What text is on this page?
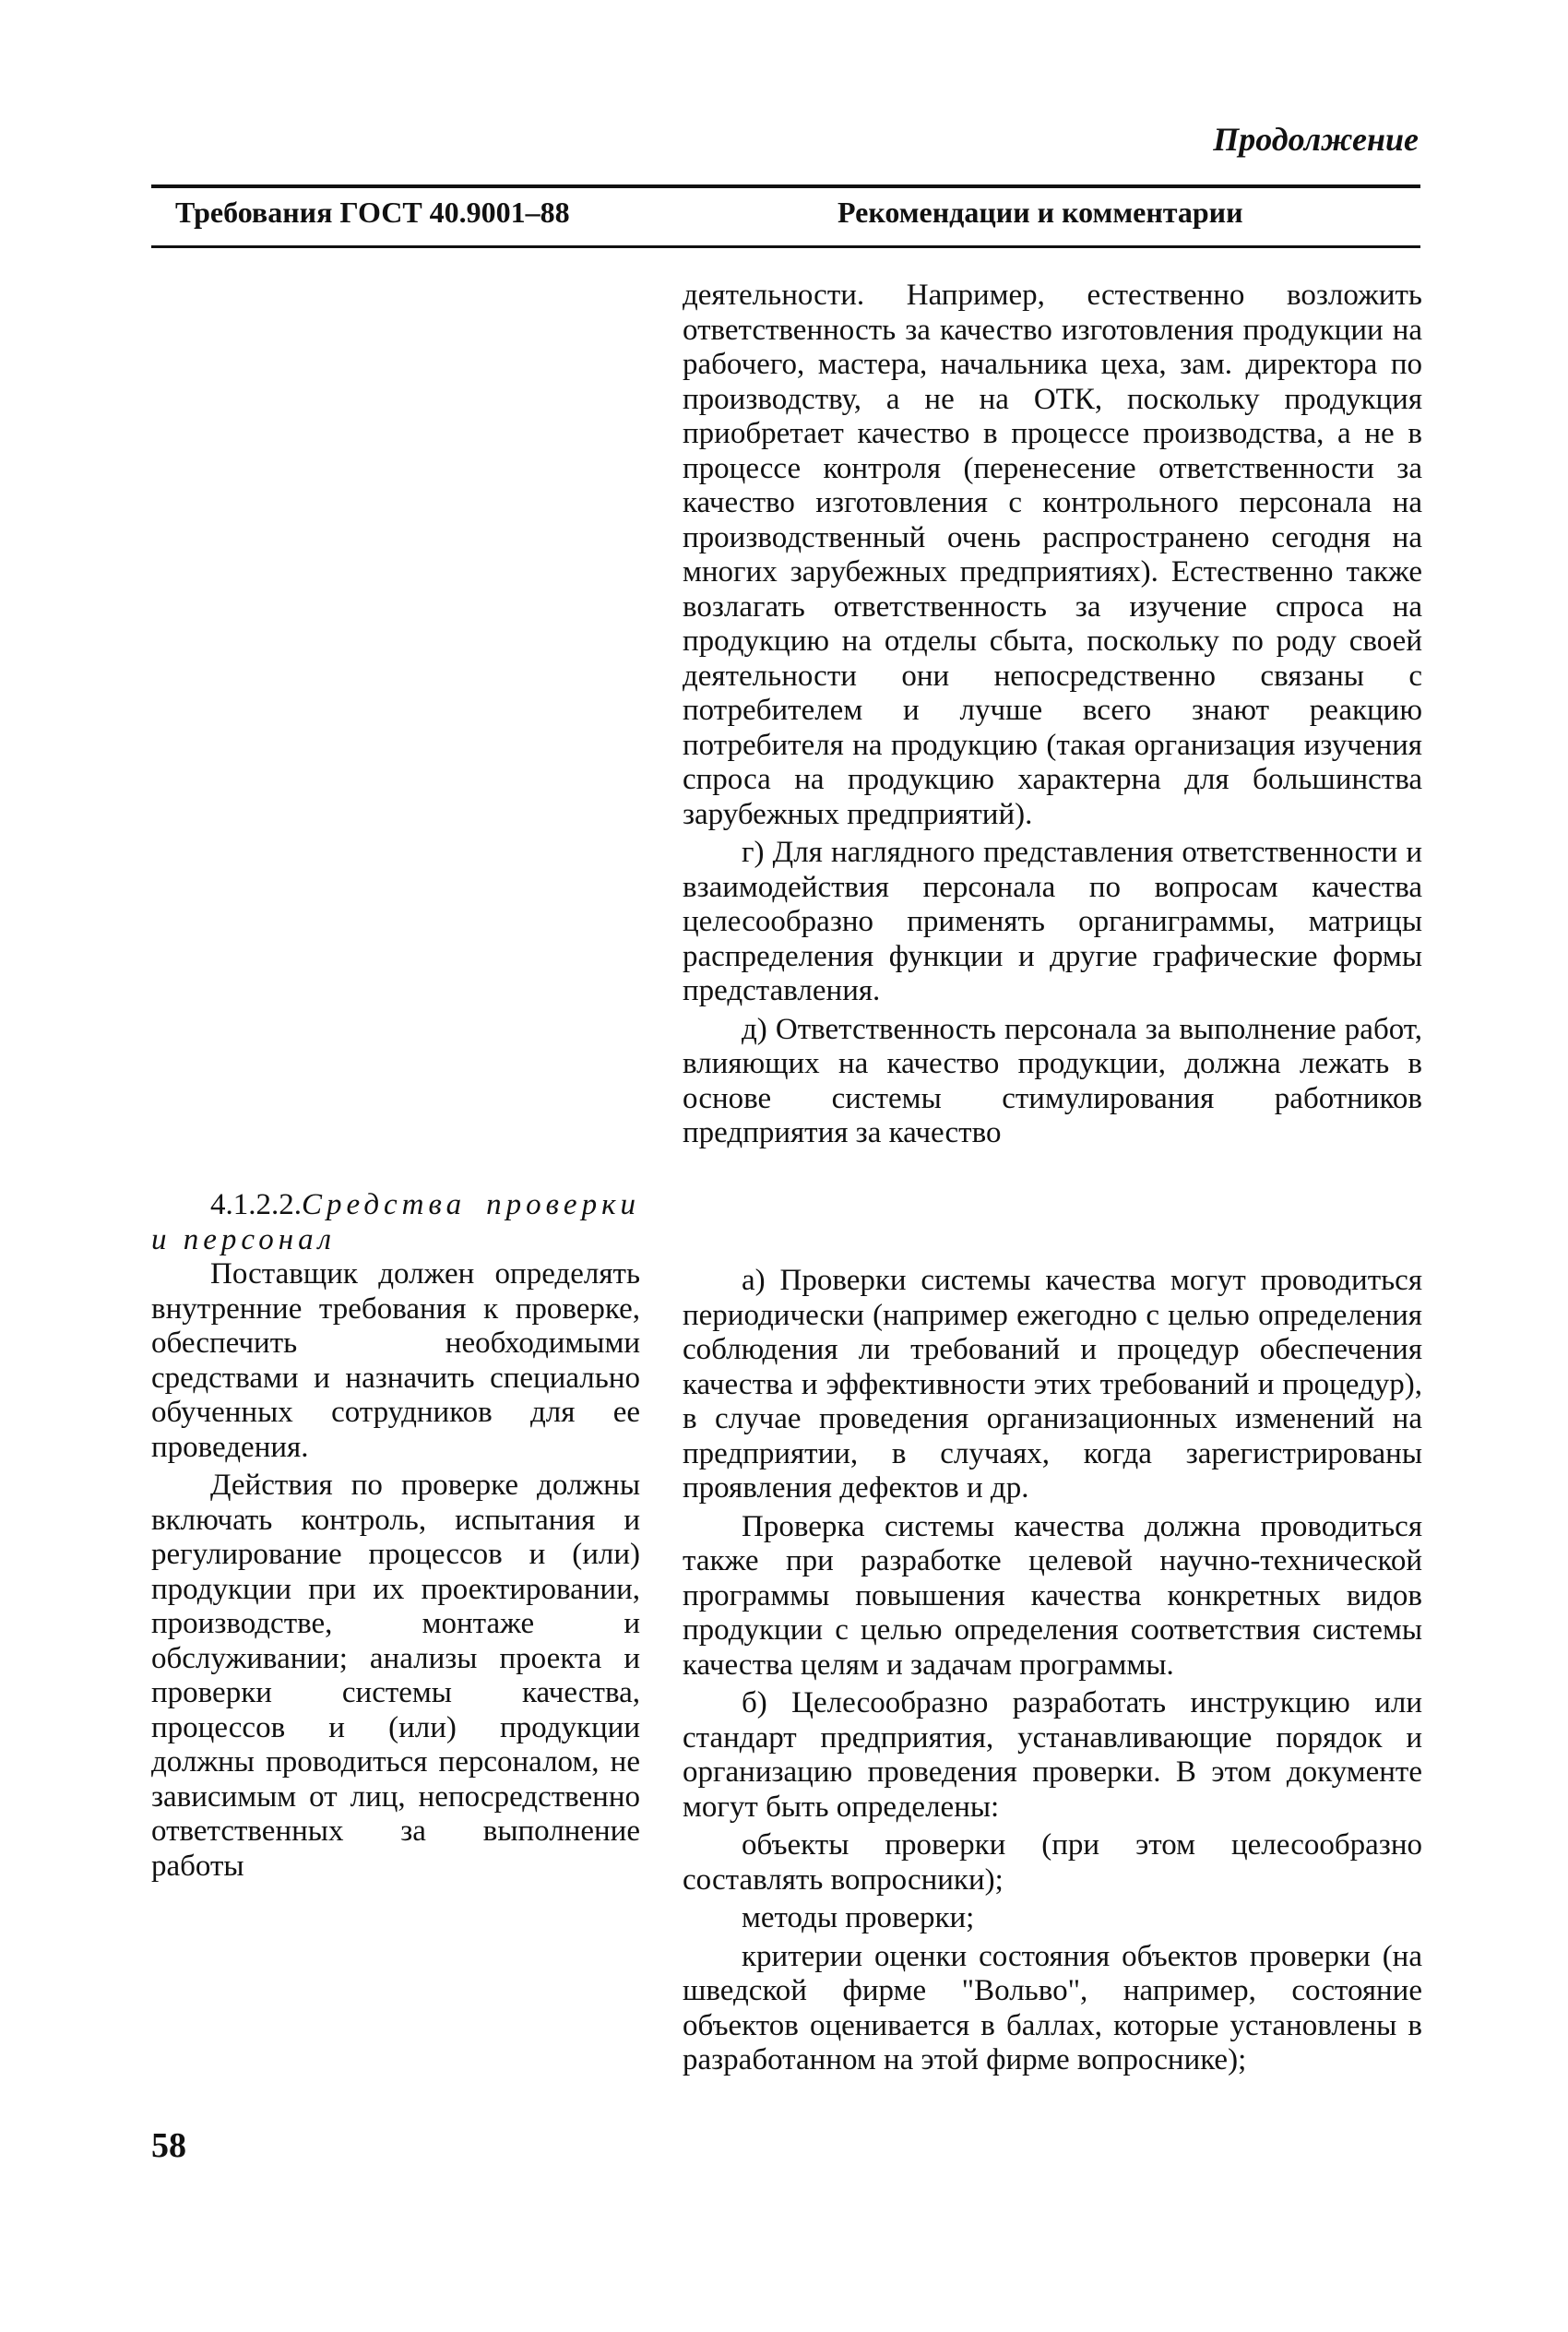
Продолжение
Требования ГОСТ 40.9001–88	Рекомендации и комментарии

деятельности. Например, естественно возложить ответственность за качество изготовления продукции на рабочего, мастера, начальника цеха, зам. директора по производству, а не на ОТК, поскольку продукция приобретает качество в процессе производства, а не в процессе контроля (перенесение ответственности за качество изготовления с контрольного персонала на производственный очень распространено сегодня на многих зарубежных предприятиях). Естественно также возлагать ответственность за изучение спроса на продукцию на отделы сбыта, поскольку по роду своей деятельности они непосредственно связаны с потребителем и лучше всего знают реакцию потребителя на продукцию (такая организация изучения спроса на продукцию характерна для большинства зарубежных предприятий).

г) Для наглядного представления ответственности и взаимодействия персонала по вопросам качества целесообразно применять органиграммы, матрицы распределения функции и другие графические формы представления.

д) Ответственность персонала за выполнение работ, влияющих на качество продукции, должна лежать в основе системы стимулирования работников предприятия за качество

4.1.2.2.Средства проверки и персонал

Поставщик должен определять внутренние требования к проверке, обеспечить необходимыми средствами и назначить специально обученных сотрудников для ее проведения.

Действия по проверке должны включать контроль, испытания и регулирование процессов и (или) продукции при их проектировании, производстве, монтаже и обслуживании; анализы проекта и проверки системы качества, процессов и (или) продукции должны проводиться персоналом, не зависимым от лиц, непосредственно ответственных за выполнение работы

а) Проверки системы качества могут проводиться периодически (например ежегодно с целью определения соблюдения ли требований и процедур обеспечения качества и эффективности этих требований и процедур), в случае проведения организационных изменений на предприятии, в случаях, когда зарегистрированы проявления дефектов и др.

Проверка системы качества должна проводиться также при разработке целевой научно-технической программы повышения качества конкретных видов продукции с целью определения соответствия системы качества целям и задачам программы.

б) Целесообразно разработать инструкцию или стандарт предприятия, устанавливающие порядок и организацию проведения проверки. В этом документе могут быть определены:

объекты проверки (при этом целесообразно составлять вопросники);

методы проверки;

критерии оценки состояния объектов проверки (на шведской фирме "Вольво", например, состояние объектов оценивается в баллах, которые установлены в разработанном на этой фирме вопроснике);

58
